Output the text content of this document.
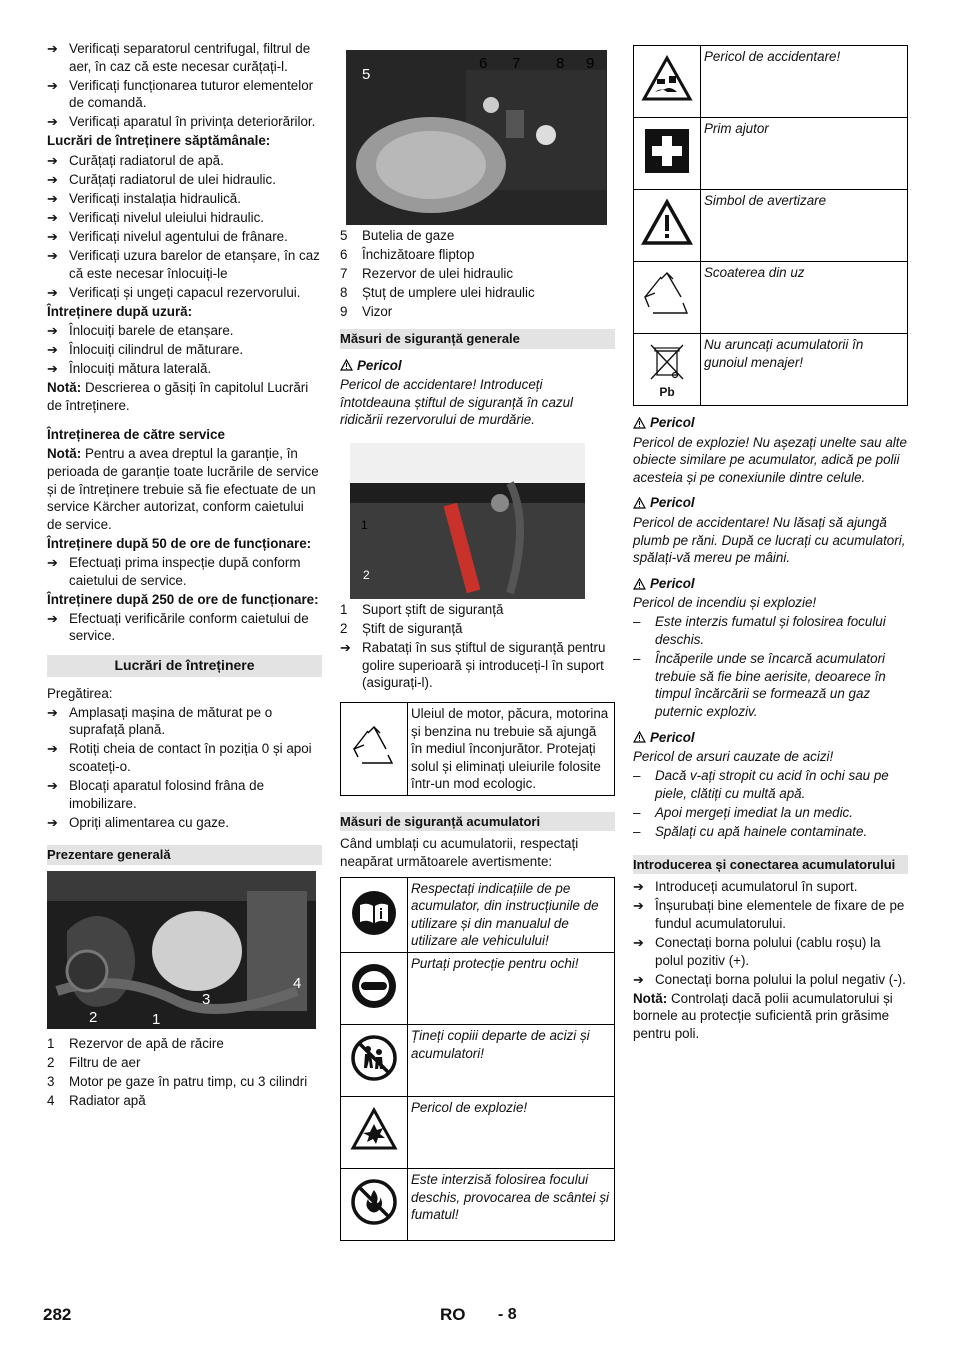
➔ Verificați separatorul centrifugal, filtrul de aer, în caz că este necesar curățați-l.
➔ Verificați funcționarea tuturor elementelor de comandă.
➔ Verificați aparatul în privința deteriorărilor.
Lucrări de întreținere săptămânale:
➔ Curățați radiatorul de apă.
➔ Curățați radiatorul de ulei hidraulic.
➔ Verificați instalația hidraulică.
➔ Verificați nivelul uleiului hidraulic.
➔ Verificați nivelul agentului de frânare.
➔ Verificați uzura barelor de etanșare, în caz că este necesar înlocuiți-le
➔ Verificați și ungeți capacul rezervorului.
Întreținere după uzură:
➔ Înlocuiți barele de etanșare.
➔ Înlocuiți cilindrul de măturare.
➔ Înlocuiți mătura laterală.
Notă: Descrierea o găsiți în capitolul Lucrări de întreținere.
Întreținerea de către service
Notă: Pentru a avea dreptul la garanție, în perioada de garanție toate lucrările de service și de întreținere trebuie să fie efectuate de un service Kärcher autorizat, conform caietului de service.
Întreținere după 50 de ore de funcționare:
➔ Efectuați prima inspecție după conform caietului de service.
Întreținere după 250 de ore de funcționare:
➔ Efectuați verificările conform caietului de service.
Lucrări de întreținere
Pregătirea:
➔ Amplasați mașina de măturat pe o suprafață plană.
➔ Rotiți cheia de contact în poziția 0 și apoi scoateți-o.
➔ Blocați aparatul folosind frâna de imobilizare.
➔ Opriți alimentarea cu gaze.
Prezentare generală
1
2
3
4
1	Rezervor de apă de răcire
2	Filtru de aer
3	Motor pe gaze în patru timp, cu 3 cilindri
4	Radiator apă
5
6 7 8 9
5	Butelia de gaze
6	Închizătoare fliptop
7	Rezervor de ulei hidraulic
8	Ștuț de umplere ulei hidraulic
9	Vizor
Măsuri de siguranță generale
Pericol
Pericol de accidentare! Introduceți întotdeauna știftul de siguranță în cazul ridicării rezervorului de murdărie.
1
2
1	Suport știft de siguranță
2	Știft de siguranță
➔ Rabatați în sus știftul de siguranță pentru golire superioară și introduceți-l în suport (asigurați-l).
	Uleiul de motor, păcura, motorina și benzina nu trebuie să ajungă în mediul înconjurător. Protejați solul și eliminați uleiurile folosite într-un mod ecologic.
Măsuri de siguranță acumulatori
Când umblați cu acumulatorii, respectați neapărat următoarele avertismente:
	Respectați indicațiile de pe acumulator, din instrucțiunile de utilizare și din manualul de utilizare ale vehiculului!

	Purtați protecție pentru ochi!

	Țineți copiii departe de acizi și acumulatori!

	Pericol de explozie!

	Este interzisă folosirea focului deschis, provocarea de scântei și fumatul!
	Pericol de accidentare!

	Prim ajutor

	Simbol de avertizare

	Scoaterea din uz

Pb	Nu aruncați acumulatorii în gunoiul menajer!
Pericol
Pericol de explozie! Nu așezați unelte sau alte obiecte similare pe acumulator, adică pe polii acesteia și pe conexiunile dintre celule.
Pericol
Pericol de accidentare! Nu lăsați să ajungă plumb pe răni. După ce lucrați cu acumulatori, spălați-vă mereu pe mâini.
Pericol
Pericol de incendiu și explozie!
–	Este interzis fumatul și folosirea focului deschis.
–	Încăperile unde se încarcă acumulatori trebuie să fie bine aerisite, deoarece în timpul încărcării se formează un gaz puternic exploziv.
Pericol
Pericol de arsuri cauzate de acizi!
–	Dacă v-ați stropit cu acid în ochi sau pe piele, clătiți cu multă apă.
–	Apoi mergeți imediat la un medic.
–	Spălați cu apă hainele contaminate.
Introducerea și conectarea acumulatorului
➔ Introduceți acumulatorul în suport.
➔ Înșurubați bine elementele de fixare de pe fundul acumulatorului.
➔ Conectați borna polului (cablu roșu) la polul pozitiv (+).
➔ Conectați borna polului la polul negativ (-).
Notă: Controlați dacă polii acumulatorului și bornele au protecție suficientă prin grăsime pentru poli.
282	RO - 8
